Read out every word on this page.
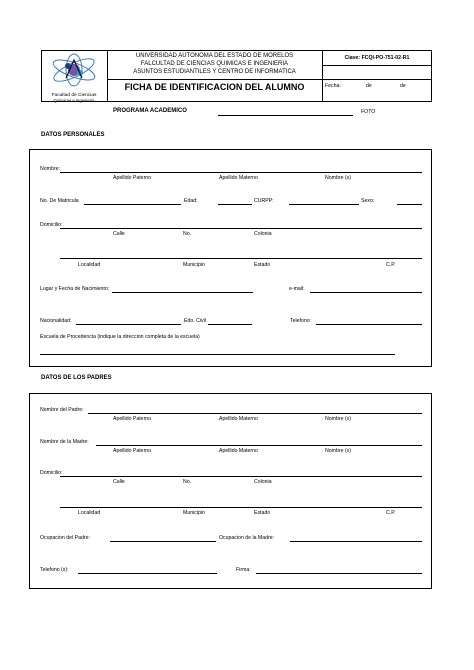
Facultad de Ciencias
Químicas e Ingeniería
UNIVERSIDAD AUTONOMA DEL ESTADO DE MORELOS
FALCULTAD DE CIENCIAS QUIMICAS E INGENIERIA
ASUNTOS ESTUDIANTILES Y CENTRO DE INFORMATICA
FICHA DE IDENTIFICACION DEL ALUMNO
Clave: FCQI-PO-751-02-R1
Fecha:	de	de
PROGRAMA ACADEMICO	FOTO
DATOS PERSONALES
Nombre:
Apellido Paterno	Apellido Materno	Nombre (s)
No. De Matricula	Edad:	CURPP:	Sexo:
Domicilio:
Calle	No.	Colonia
Localidad	Municipio	Estado	C.P.
Lugar y Fecha de Nacimiento:	e-mail:
Nacionalidad:	Edo. Civil	Telefono:
Escuela de Procedencia (indique la direccion completa de la escuela)
DATOS DE LOS PADRES
Nombre del Padre:
Apellido Paterno	Apellido Materno	Nombre (s)
Nombre de la Madre:
Apellido Paterno	Apellido Materno	Nombre (s)
Domicilio:
Calle	No.	Colonia
Localidad	Municipio	Estado	C.P.
Ocupacion del Padre:	Ocupacion de la Madre:
Telefono (s):	Firma:
